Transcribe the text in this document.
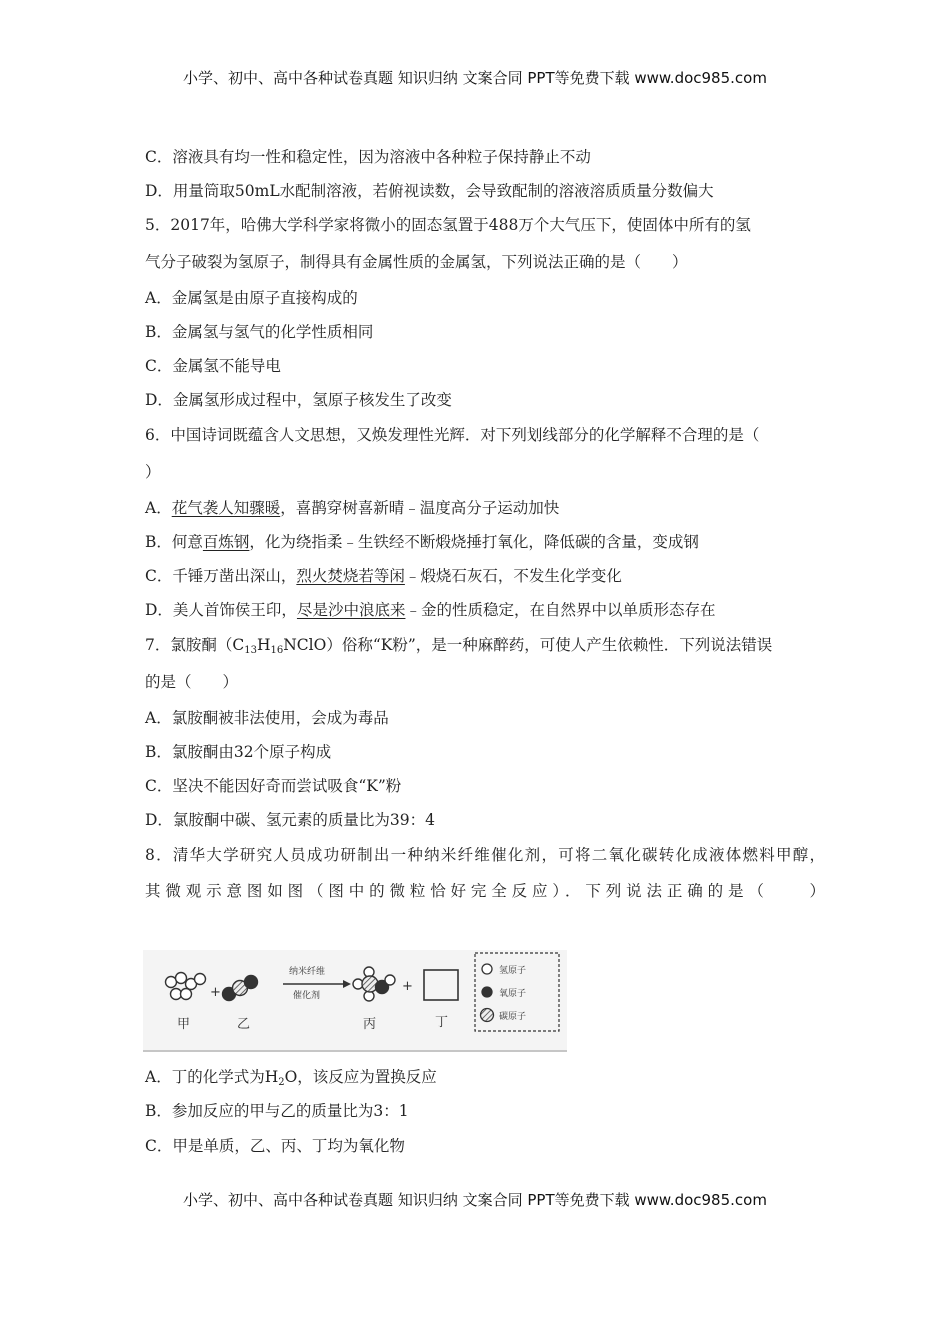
小学、初中、高中各种试卷真题 知识归纳 文案合同 PPT等免费下载 www.doc985.com
C．溶液具有均一性和稳定性，因为溶液中各种粒子保持静止不动
D．用量筒取50mL水配制溶液，若俯视读数，会导致配制的溶液溶质质量分数偏大
5．2017年，哈佛大学科学家将微小的固态氢置于488万个大气压下，使固体中所有的氢
气分子破裂为氢原子，制得具有金属性质的金属氢，下列说法正确的是（　　）
A．金属氢是由原子直接构成的
B．金属氢与氢气的化学性质相同
C．金属氢不能导电
D．金属氢形成过程中，氢原子核发生了改变
6．中国诗词既蕴含人文思想，又焕发理性光辉．对下列划线部分的化学解释不合理的是（
）
A．花气袭人知骤暖，喜鹊穿树喜新晴﹣温度高分子运动加快
B．何意百炼钢，化为绕指柔﹣生铁经不断煅烧捶打氧化，降低碳的含量，变成钢
C．千锤万凿出深山，烈火焚烧若等闲﹣煅烧石灰石，不发生化学变化
D．美人首饰侯王印，尽是沙中浪底来﹣金的性质稳定，在自然界中以单质形态存在
7．氯胺酮$(C_{13}H_{16}NClO)$俗称“K粉”，是一种麻醉药，可使人产生依赖性．下列说法错误
的是（　　）
A．氯胺酮被非法使用，会成为毒品
B．氯胺酮由32个原子构成
C．坚决不能因好奇而尝试吸食“K”粉
D．氯胺酮中碳、氢元素的质量比为39：4
8．清华大学研究人员成功研制出一种纳米纤维催化剂，可将二氧化碳转化成液体燃料甲醇，
其微观示意图如图（图中的微粒恰好完全反应）．下列说法正确的是（　　）
+
甲	乙
纳米纤维
催化剂
+
丙	丁
氢原子
氧原子
碳原子
A．丁的化学式为$H_2O$，该反应为置换反应
B．参加反应的甲与乙的质量比为3：1
C．甲是单质，乙、丙、丁均为氧化物
小学、初中、高中各种试卷真题 知识归纳 文案合同 PPT等免费下载 www.doc985.com
